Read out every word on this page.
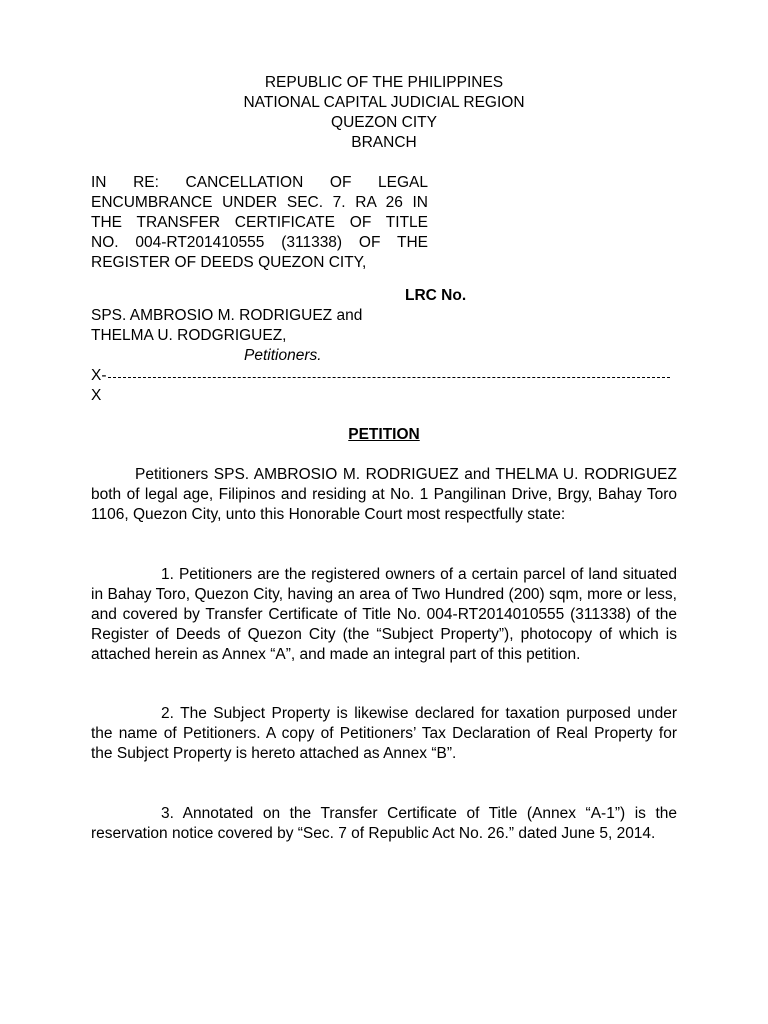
REPUBLIC OF THE PHILIPPINES
NATIONAL CAPITAL JUDICIAL REGION
QUEZON CITY
BRANCH
IN RE: CANCELLATION OF LEGAL
ENCUMBRANCE UNDER SEC. 7. RA 26 IN
THE TRANSFER CERTIFICATE OF TITLE
NO. 004-RT201410555 (311338) OF THE
REGISTER OF DEEDS QUEZON CITY,
LRC No.
SPS. AMBROSIO M. RODRIGUEZ and
THELMA U. RODGRIGUEZ,
Petitioners.
X-
X
PETITION

Petitioners SPS. AMBROSIO M. RODRIGUEZ and THELMA U. RODRIGUEZ both of legal age, Filipinos and residing at No. 1 Pangilinan Drive, Brgy, Bahay Toro 1106, Quezon City, unto this Honorable Court most respectfully state:

1. Petitioners are the registered owners of a certain parcel of land situated in Bahay Toro, Quezon City, having an area of Two Hundred (200) sqm, more or less, and covered by Transfer Certificate of Title No. 004-RT2014010555 (311338) of the Register of Deeds of Quezon City (the “Subject Property”), photocopy of which is attached herein as Annex “A”, and made an integral part of this petition.

2. The Subject Property is likewise declared for taxation purposed under the name of Petitioners. A copy of Petitioners’ Tax Declaration of Real Property for the Subject Property is hereto attached as Annex “B”.

3. Annotated on the Transfer Certificate of Title (Annex “A-1”) is the reservation notice covered by “Sec. 7 of Republic Act No. 26.” dated June 5, 2014.
